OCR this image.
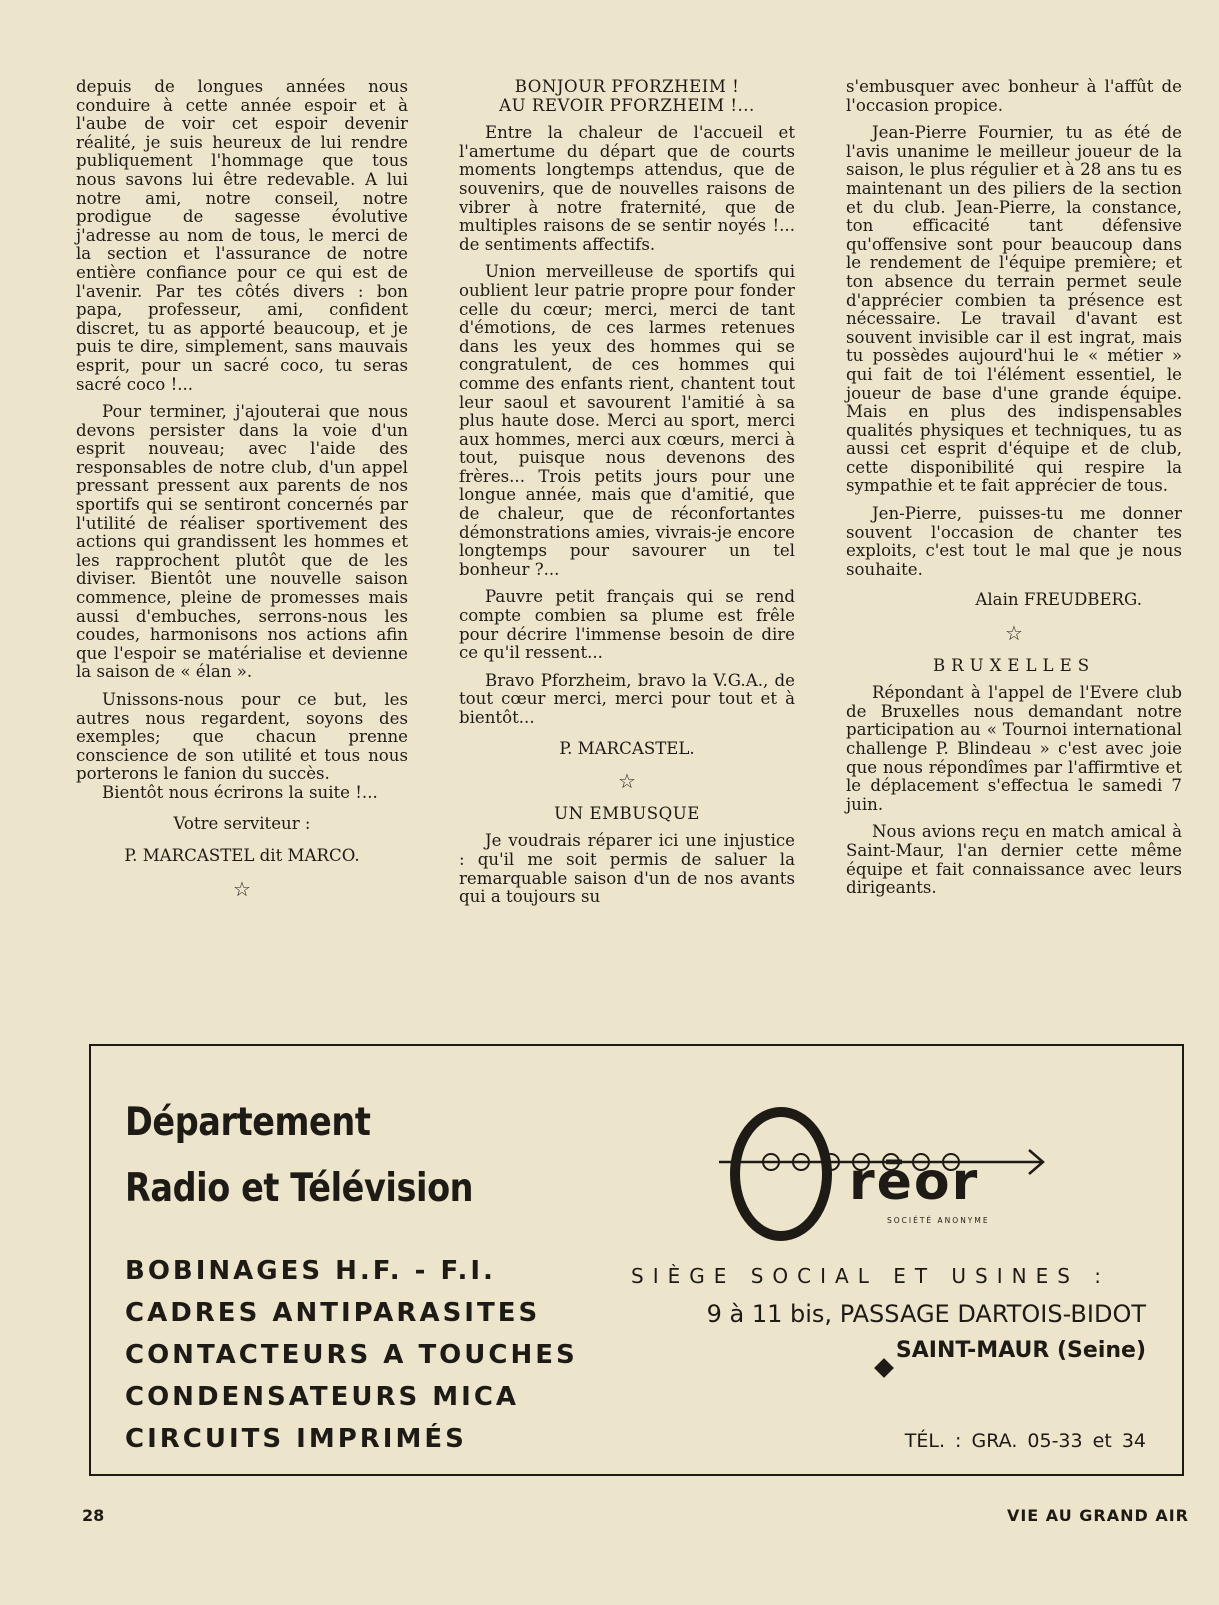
depuis de longues années nous conduire à cette année espoir et à l'aube de voir cet espoir devenir réalité, je suis heureux de lui rendre publiquement l'hommage que tous nous savons lui être redevable. A lui notre ami, notre conseil, notre prodigue de sagesse évolutive j'adresse au nom de tous, le merci de la section et l'assurance de notre entière confiance pour ce qui est de l'avenir. Par tes côtés divers : bon papa, professeur, ami, confident discret, tu as apporté beaucoup, et je puis te dire, simplement, sans mauvais esprit, pour un sacré coco, tu seras sacré coco !...

Pour terminer, j'ajouterai que nous devons persister dans la voie d'un esprit nouveau; avec l'aide des responsables de notre club, d'un appel pressant pressent aux parents de nos sportifs qui se sentiront concernés par l'utilité de réaliser sportivement des actions qui grandissent les hommes et les rapprochent plutôt que de les diviser. Bientôt une nouvelle saison commence, pleine de promesses mais aussi d'embuches, serrons-nous les coudes, harmonisons nos actions afin que l'espoir se matérialise et devienne la saison de « élan ».

Unissons-nous pour ce but, les autres nous regardent, soyons des exemples; que chacun prenne conscience de son utilité et tous nous porterons le fanion du succès.

Bientôt nous écrirons la suite !...

Votre serviteur :
P. MARCASTEL dit MARCO.
☆
BONJOUR PFORZHEIM !
AU REVOIR PFORZHEIM !...

Entre la chaleur de l'accueil et l'amertume du départ que de courts moments longtemps attendus, que de souvenirs, que de nouvelles raisons de vibrer à notre fraternité, que de multiples raisons de se sentir noyés !... de sentiments affectifs.

Union merveilleuse de sportifs qui oublient leur patrie propre pour fonder celle du cœur; merci, merci de tant d'émotions, de ces larmes retenues dans les yeux des hommes qui se congratulent, de ces hommes qui comme des enfants rient, chantent tout leur saoul et savourent l'amitié à sa plus haute dose. Merci au sport, merci aux hommes, merci aux cœurs, merci à tout, puisque nous devenons des frères... Trois petits jours pour une longue année, mais que d'amitié, que de chaleur, que de réconfortantes démonstrations amies, vivrais-je encore longtemps pour savourer un tel bonheur ?...

Pauvre petit français qui se rend compte combien sa plume est frêle pour décrire l'immense besoin de dire ce qu'il ressent...

Bravo Pforzheim, bravo la V.G.A., de tout cœur merci, merci pour tout et à bientôt...

P. MARCASTEL.
☆
UN EMBUSQUE

Je voudrais réparer ici une injustice : qu'il me soit permis de saluer la remarquable saison d'un de nos avants qui a toujours su

s'embusquer avec bonheur à l'affût de l'occasion propice.

Jean-Pierre Fournier, tu as été de l'avis unanime le meilleur joueur de la saison, le plus régulier et à 28 ans tu es maintenant un des piliers de la section et du club. Jean-Pierre, la constance, ton efficacité tant défensive qu'offensive sont pour beaucoup dans le rendement de l'équipe première; et ton absence du terrain permet seule d'apprécier combien ta présence est nécessaire. Le travail d'avant est souvent invisible car il est ingrat, mais tu possèdes aujourd'hui le « métier » qui fait de toi l'élément essentiel, le joueur de base d'une grande équipe. Mais en plus des indispensables qualités physiques et techniques, tu as aussi cet esprit d'équipe et de club, cette disponibilité qui respire la sympathie et te fait apprécier de tous.

Jen-Pierre, puisses-tu me donner souvent l'occasion de chanter tes exploits, c'est tout le mal que je nous souhaite.

Alain FREUDBERG.
☆
BRUXELLES

Répondant à l'appel de l'Evere club de Bruxelles nous demandant notre participation au « Tournoi international challenge P. Blindeau » c'est avec joie que nous répondîmes par l'affirmtive et le déplacement s'effectua le samedi 7 juin.

Nous avions reçu en match amical à Saint-Maur, l'an dernier cette même équipe et fait connaissance avec leurs dirigeants.

Département
Radio et Télévision
BOBINAGES H.F. - F.I.
CADRES ANTIPARASITES
CONTACTEURS A TOUCHES
CONDENSATEURS MICA
CIRCUITS IMPRIMÉS
rēor
SOCIÉTÉ ANONYME
SIÈGE SOCIAL ET USINES :
9 à 11 bis, PASSAGE DARTOIS-BIDOT
SAINT-MAUR (Seine)
TÉL. : GRA. 05-33 et 34
28	VIE AU GRAND AIR
